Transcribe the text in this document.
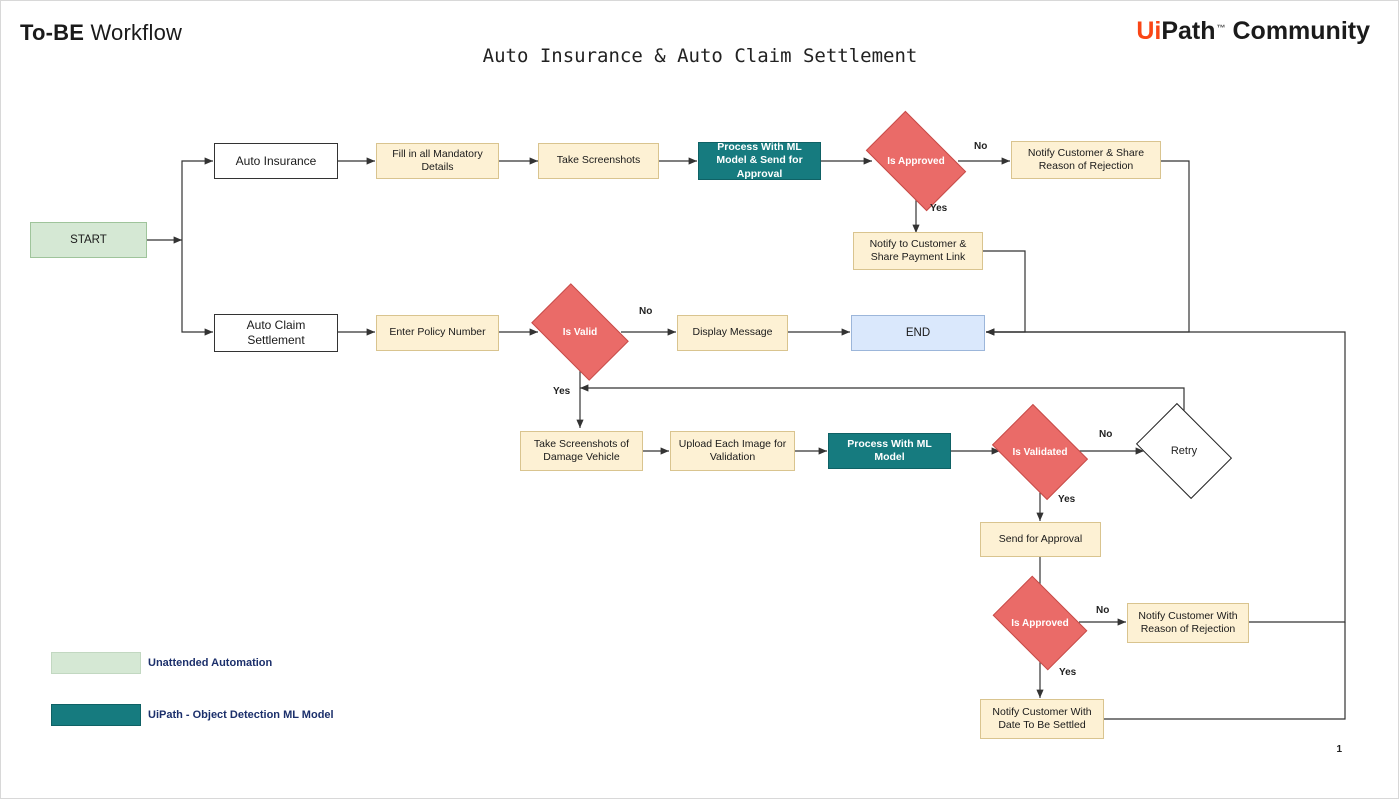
To-BE Workflow
Auto Insurance & Auto Claim Settlement
Ui Path ™ Community
1
START
Auto Insurance	Fill in all Mandatory Details
Take Screenshots
Process With ML Model & Send for Approval
Is Approved
Notify Customer & Share Reason of Rejection
Notify to Customer & Share Payment Link
Auto Claim Settlement
Enter Policy Number	Is Valid	Display Message	END
Take Screenshots of Damage Vehicle
Upload Each Image for Validation
Process With ML Model	Is Validated	Retry
Send for Approval
Is Approved
Notify Customer With Reason of Rejection
Notify Customer With Date To Be Settled
No
Yes
No
Yes
No
Yes
No
Yes
Unattended Automation
UiPath - Object Detection ML Model
